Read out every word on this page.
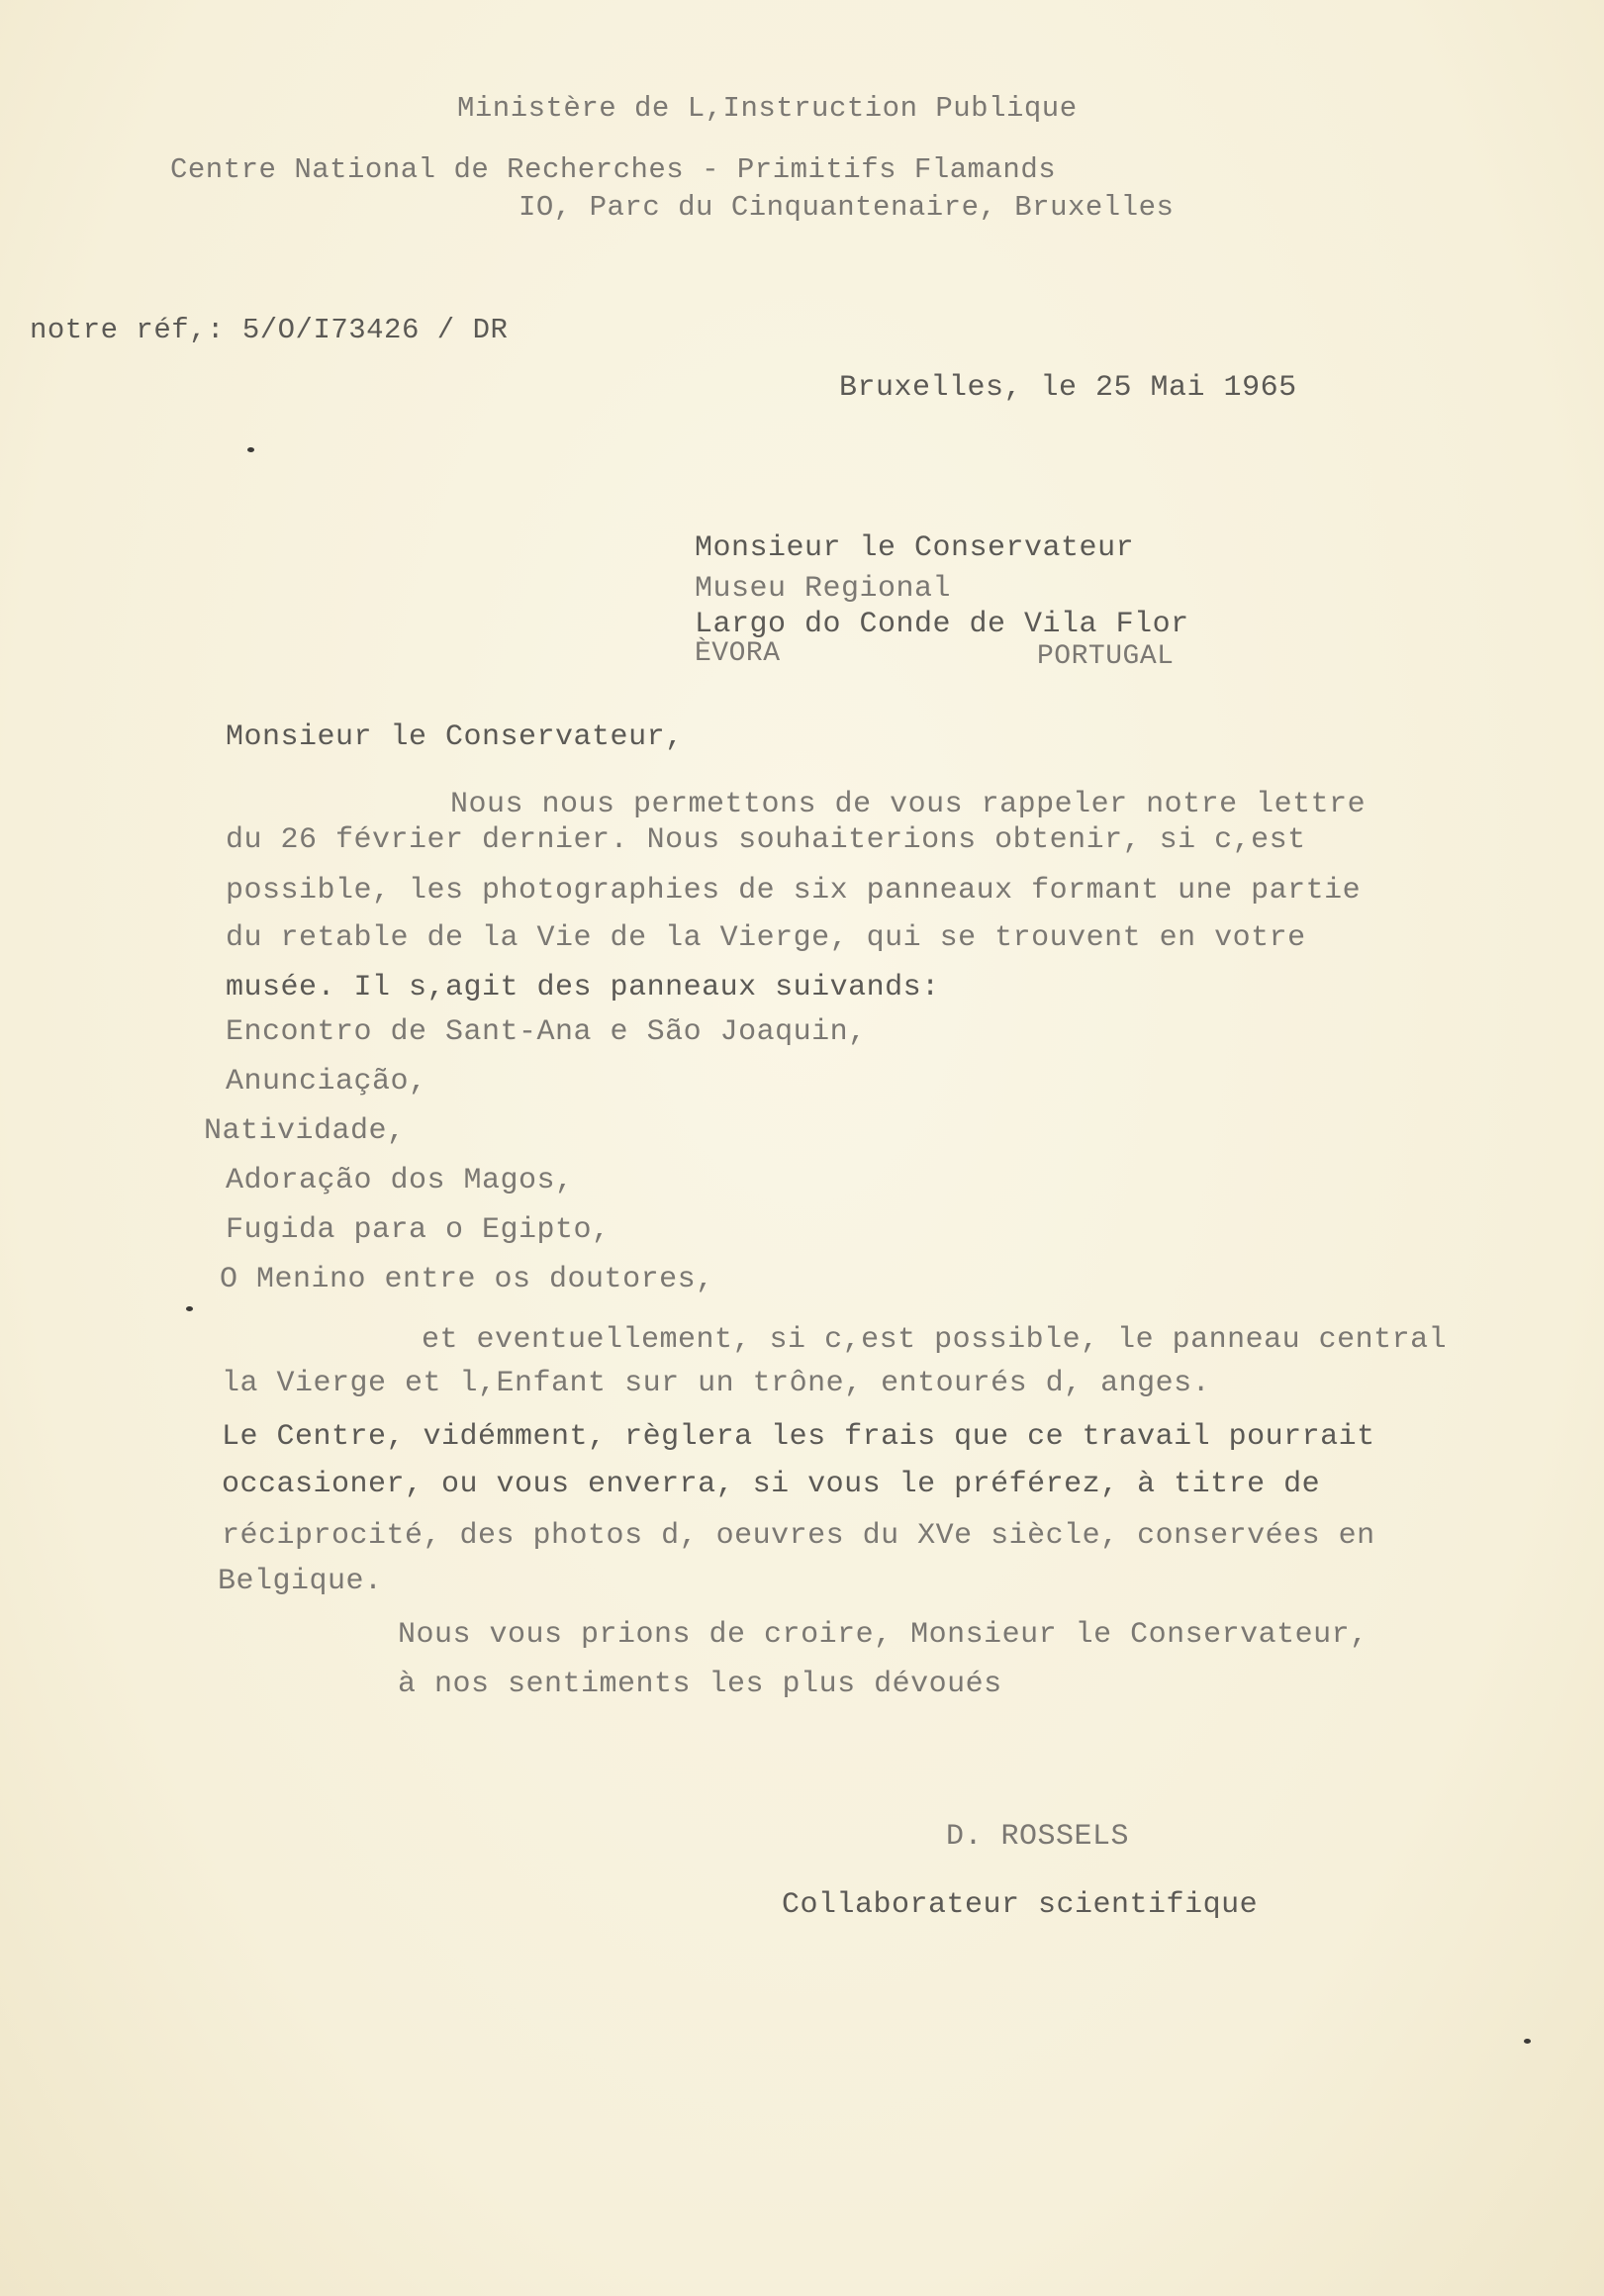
Ministère de L,Instruction Publique
Centre National de Recherches - Primitifs Flamands
IO, Parc du Cinquantenaire, Bruxelles
notre réf,: 5/O/I73426 / DR
Bruxelles, le 25 Mai 1965
Monsieur le Conservateur
Museu Regional
Largo do Conde de Vila Flor
ÈVORA	PORTUGAL
Monsieur le Conservateur,
Nous nous permettons de vous rappeler notre lettre
du 26 février dernier. Nous souhaiterions obtenir, si c,est
possible, les photographies de six panneaux formant une partie
du retable de la Vie de la Vierge, qui se trouvent en votre
musée. Il s,agit des panneaux suivands:
Encontro de Sant-Ana e São Joaquin,
Anunciação,
Natividade,
Adoração dos Magos,
Fugida para o Egipto,
O Menino entre os doutores,
et eventuellement, si c,est possible, le panneau central
la Vierge et l,Enfant sur un trône, entourés d, anges.
Le Centre, vidémment, règlera les frais que ce travail pourrait
occasioner, ou vous enverra, si vous le préférez, à titre de
réciprocité, des photos d, oeuvres du XVe siècle, conservées en
Belgique.
Nous vous prions de croire, Monsieur le Conservateur,
à nos sentiments les plus dévoués
D. ROSSELS
Collaborateur scientifique
